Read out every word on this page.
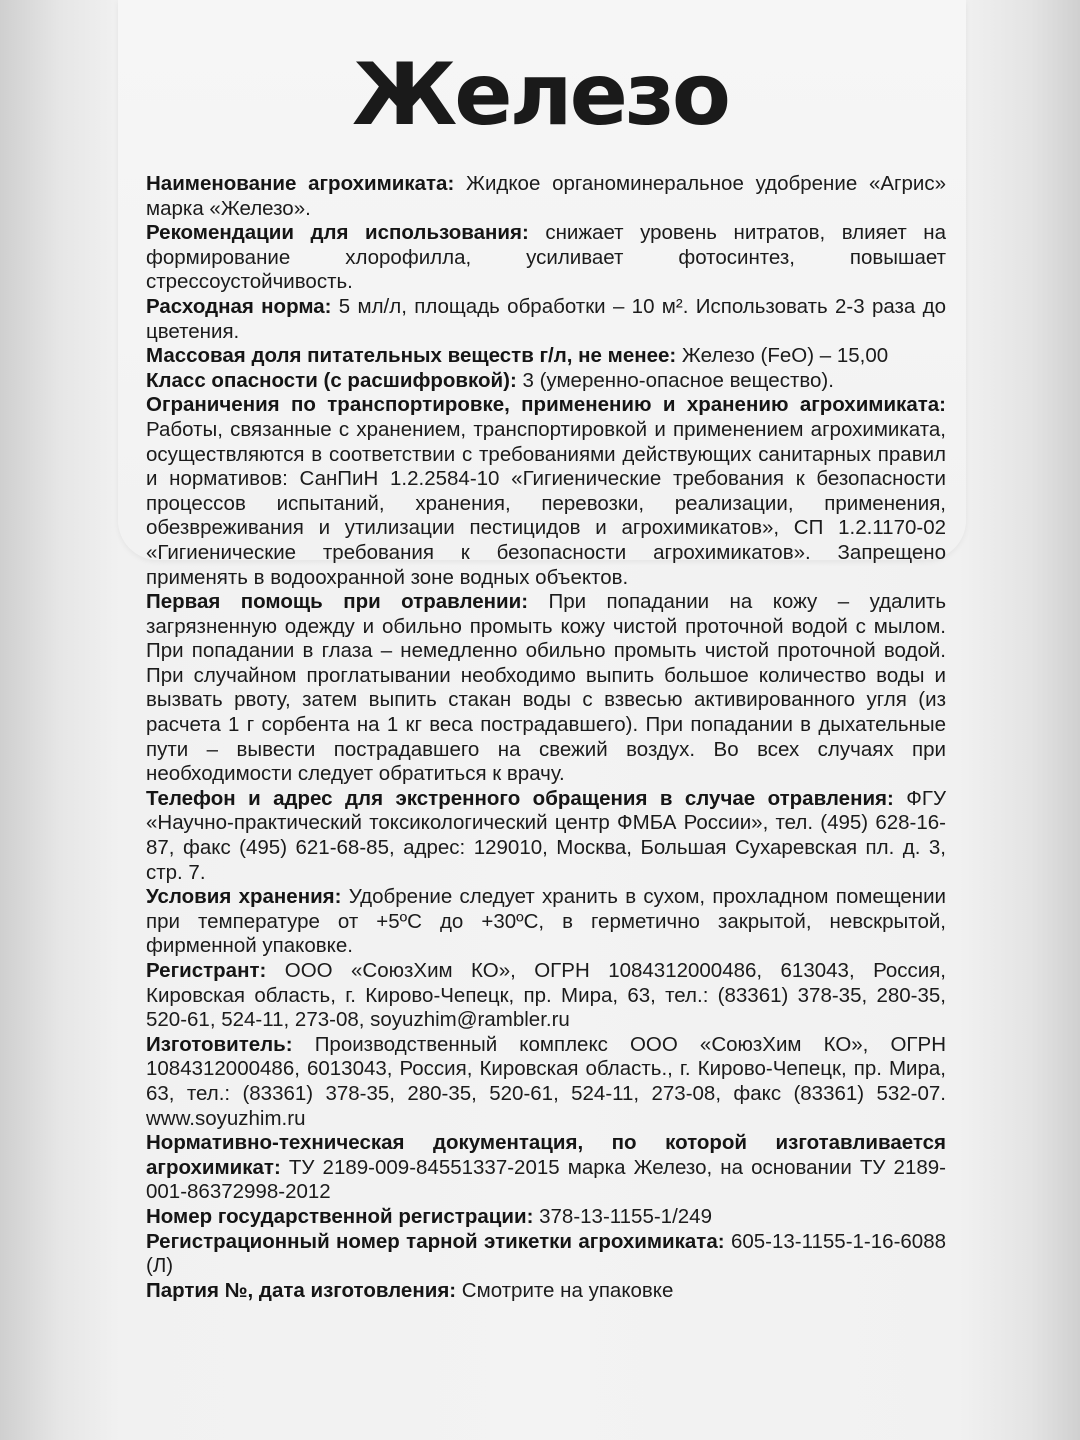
Железо

Наименование агрохимиката: Жидкое органоминеральное удобрение «Агрис» марка «Железо».

Рекомендации для использования: снижает уровень нитратов, влияет на формирование хлорофилла, усиливает фотосинтез, повышает стрессоустойчивость.

Расходная норма: 5 мл/л, площадь обработки – 10 м². Использовать 2-3 раза до цветения.

Массовая доля питательных веществ г/л, не менее: Железо (FeO) – 15,00

Класс опасности (с расшифровкой): 3 (умеренно-опасное вещество).

Ограничения по транспортировке, применению и хранению агрохимиката: Работы, связанные с хранением, транспортировкой и применением агрохимиката, осуществляются в соответствии с требованиями действующих санитарных правил и нормативов: СанПиН 1.2.2584-10 «Гигиенические требования к безопасности процессов испытаний, хранения, перевозки, реализации, применения, обезвреживания и утилизации пестицидов и агрохимикатов», СП 1.2.1170-02 «Гигиенические требования к безопасности агрохимикатов». Запрещено применять в водоохранной зоне водных объектов.

Первая помощь при отравлении: При попадании на кожу – удалить загрязненную одежду и обильно промыть кожу чистой проточной водой с мылом. При попадании в глаза – немедленно обильно промыть чистой проточной водой. При случайном проглатывании необходимо выпить большое количество воды и вызвать рвоту, затем выпить стакан воды с взвесью активированного угля (из расчета 1 г сорбента на 1 кг веса пострадавшего). При попадании в дыхательные пути – вывести пострадавшего на свежий воздух. Во всех случаях при необходимости следует обратиться к врачу.

Телефон и адрес для экстренного обращения в случае отравления: ФГУ «Научно-практический токсикологический центр ФМБА России», тел. (495) 628-16-87, факс (495) 621-68-85, адрес: 129010, Москва, Большая Сухаревская пл. д. 3, стр. 7.

Условия хранения: Удобрение следует хранить в сухом, прохладном помещении при температуре от +5ºС до +30ºС, в герметично закрытой, невскрытой, фирменной упаковке.

Регистрант: ООО «СоюзХим КО», ОГРН 1084312000486, 613043, Россия, Кировская область, г. Кирово-Чепецк, пр. Мира, 63, тел.: (83361) 378-35, 280-35, 520-61, 524-11, 273-08, soyuzhim@rambler.ru

Изготовитель: Производственный комплекс ООО «СоюзХим КО», ОГРН 1084312000486, 6013043, Россия, Кировская область., г. Кирово-Чепецк, пр. Мира, 63, тел.: (83361) 378-35, 280-35, 520-61, 524-11, 273-08, факс (83361) 532-07. www.soyuzhim.ru

Нормативно-техническая документация, по которой изготавливается агрохимикат: ТУ 2189-009-84551337-2015 марка Железо, на основании ТУ 2189-001-86372998-2012

Номер государственной регистрации: 378-13-1155-1/249

Регистрационный номер тарной этикетки агрохимиката: 605-13-1155-1-16-6088 (Л)

Партия №, дата изготовления: Смотрите на упаковке
